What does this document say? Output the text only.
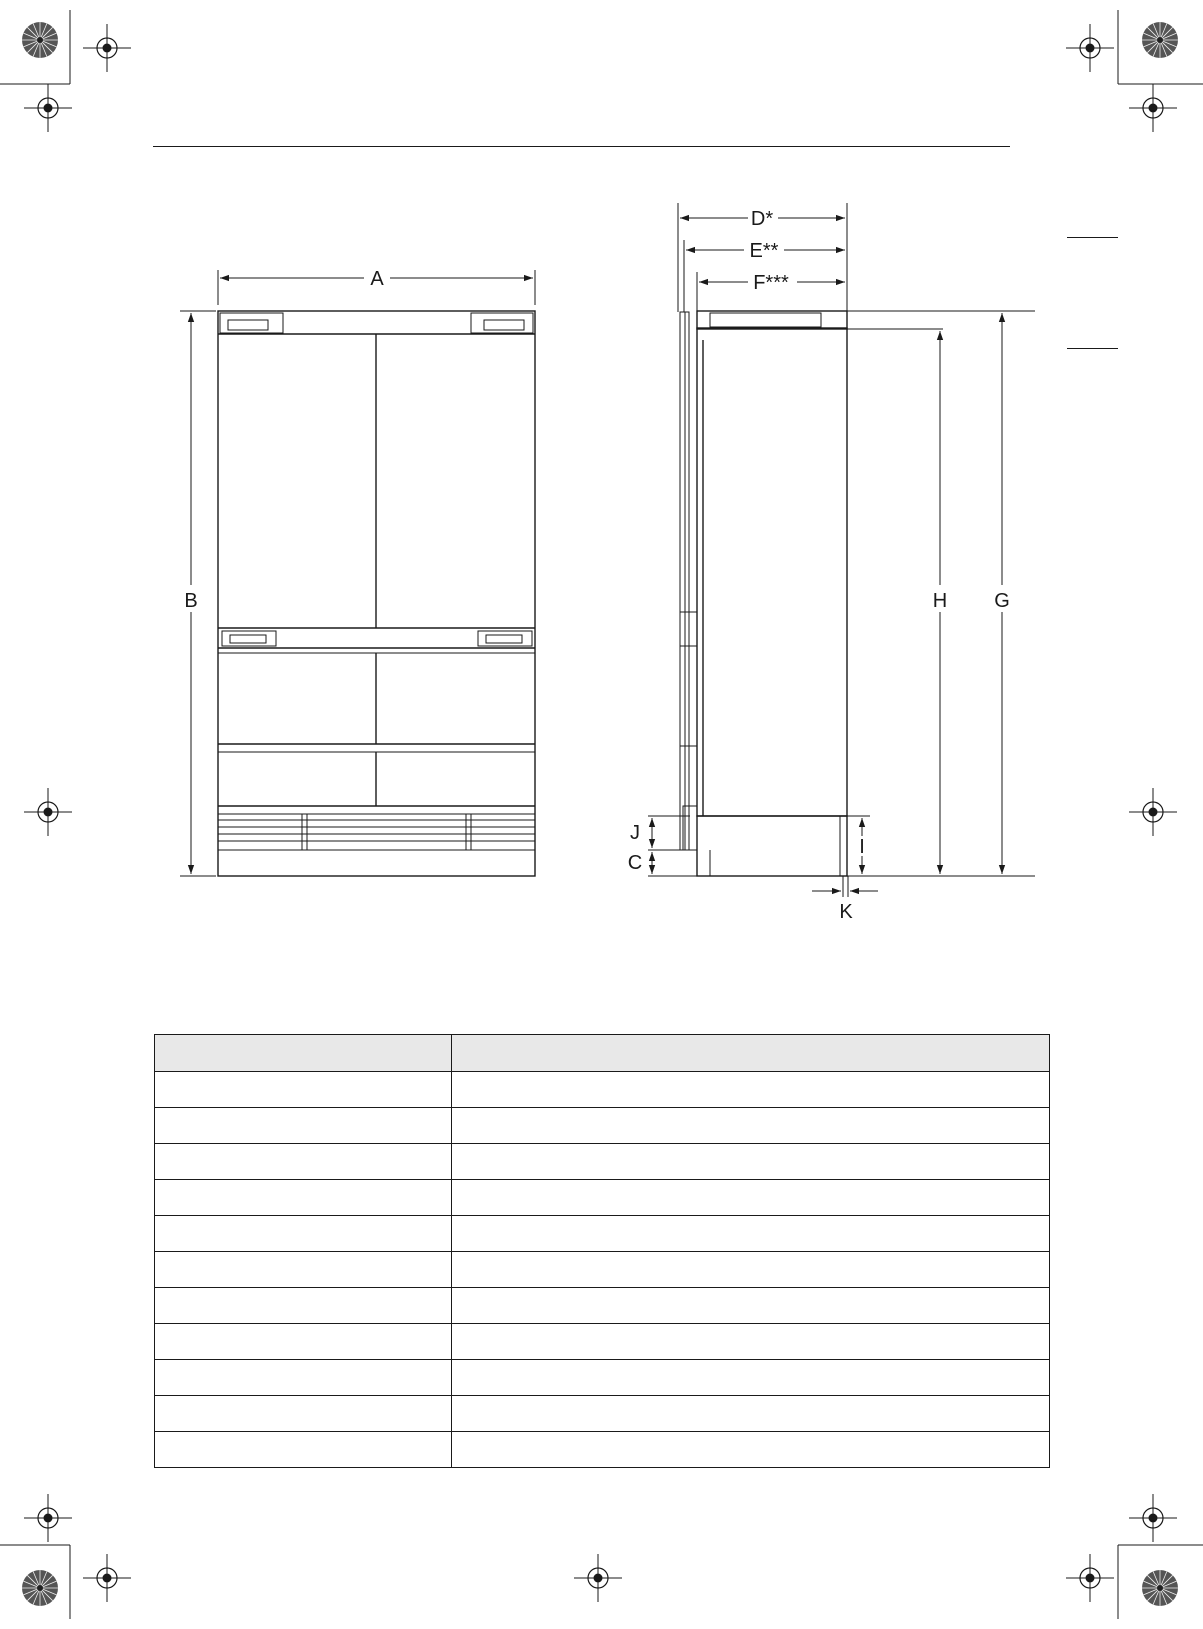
A
B
D*
E**
F***
H G
J
C
I
K
